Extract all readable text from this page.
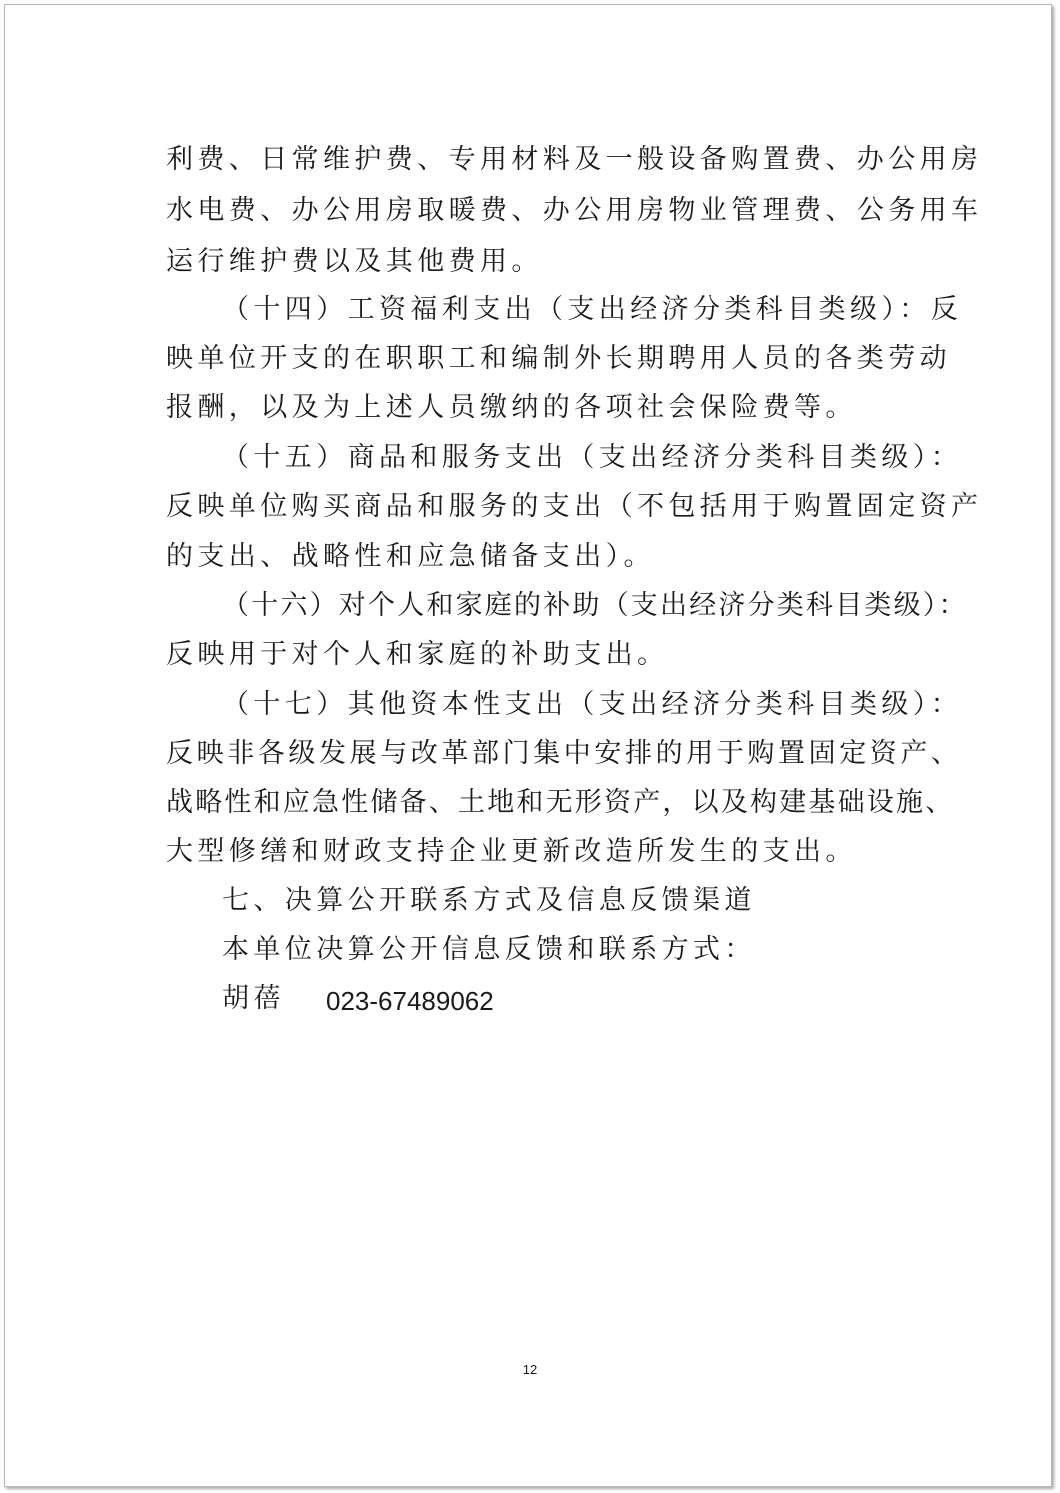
利费、日常维护费、专用材料及一般设备购置费、办公用房
水电费、办公用房取暖费、办公用房物业管理费、公务用车
运行维护费以及其他费用。
（十四）工资福利支出（支出经济分类科目类级）：反
映单位开支的在职职工和编制外长期聘用人员的各类劳动
报酬，以及为上述人员缴纳的各项社会保险费等。
（十五）商品和服务支出（支出经济分类科目类级）：
反映单位购买商品和服务的支出（不包括用于购置固定资产
的支出、战略性和应急储备支出）。
（十六）对个人和家庭的补助（支出经济分类科目类级）：
反映用于对个人和家庭的补助支出。
（十七）其他资本性支出（支出经济分类科目类级）：
反映非各级发展与改革部门集中安排的用于购置固定资产、
战略性和应急性储备、土地和无形资产，以及构建基础设施、
大型修缮和财政支持企业更新改造所发生的支出。
七、决算公开联系方式及信息反馈渠道
本单位决算公开信息反馈和联系方式：
胡蓓 023-67489062
12
